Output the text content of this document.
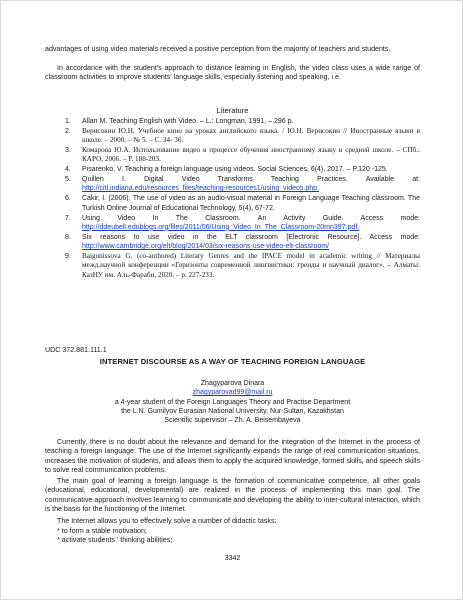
advantages of using video materials received a positive perception from the majority of teachers and students.
In accordance with the student's approach to distance learning in English, the video class uses a wide range of classroom activities to improve students' language skills, especially listening and speaking, i.e.
Literature
1. Allan M. Teaching English with Video. – L.: Longman, 1991. – 296 p.
2. Верисокин Ю.Н. Учебное кино на уроках английского языка. / Ю.Н. Верисокин // Иностранные языки в школе. – 2000. – № 5. – С. 34- 36.
3. Комарова Ю.А. Использование видео в процессе обучения иностранному языку в средней школе. – СПб.: КАРО, 2006. – P. 188-203.
4. Pisarenko, V. Teaching a foreign language using videos. Social Sciences, 6(4), 2017. – P.120 -125.
5. Quillen I. Digital Video Transforms Teaching Practices. Available at: http://citl.indiana.edu/resources_files/teaching-resources1/using_videos.php.
6. Cakir, I. (2006). The use of video as an audio-visual material in Foreign Language Teaching classroom. The Turkish Online Journal of Educational Technology, 5(4), 67-72.
7. Using Video In The Classroom. An Activity Guide. Access mode: http://ddeubell.edublogs.org/files/2011/06/Using_Video_In_The_Classroom-20mn397.pdf.
8. Six reasons to use video in the ELT classroom [Electronic Resource]. Access mode: http://www.cambridge.org/elt/blog/2014/03/six-reasons-use-video-elt-classroom/
9. Baigunissova G. (co-authored) Literary Genres and the IPACE model in academic writing // Материалы межд.научной конференции «Горизонты современной лингвистики: тренды и научный диалог». – Алматы: КазНУ им. Аль-Фараби, 2020. – р. 227-233.
UDC 372.881.111.1
INTERNET DISCOURSE AS A WAY OF TEACHING FOREIGN LANGUAGE
Zhagyparova Dinara
zhagyparovad99@mail.ru
a 4-year student of the Foreign Languages Theory and Practise Department
the L.N. Gumilyov Eurasian National University, Nur-Sultan, Kazakhstan
Scientific supervisor – Zh. A. Beisembayeva
Currently, there is no doubt about the relevance and demand for the integration of the Internet in the process of teaching a foreign language. The use of the Internet significantly expands the range of real communication situations, increases the motivation of students, and allows them to apply the acquired knowledge, formed skills, and speech skills to solve real communication problems.
The main goal of learning a foreign language is the formation of communicative competence, all other goals (educational, educational, developmental) are realized in the process of implementing this main goal. The communicative approach involves learning to communicate and developing the ability to inter-cultural interaction, which is the basis for the functioning of the Internet.
The Internet allows you to effectively solve a number of didactic tasks:
* to form a stable motivation;
* activate students ' thinking abilities;
3342
